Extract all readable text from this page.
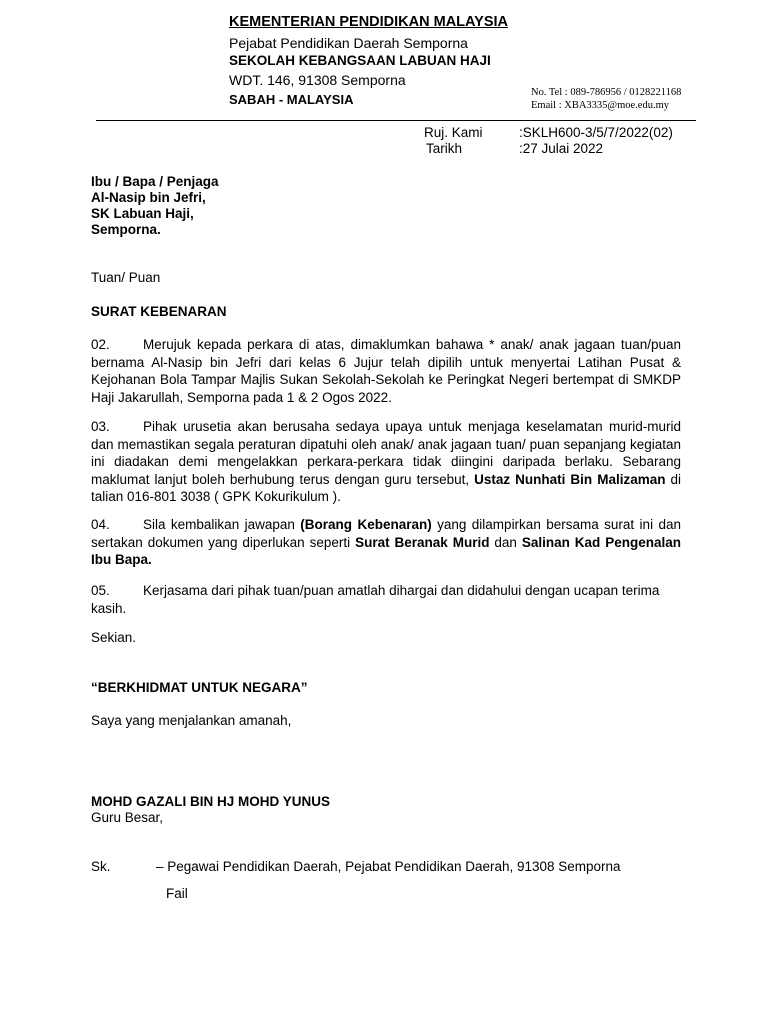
KEMENTERIAN PENDIDIKAN MALAYSIA
Pejabat Pendidikan Daerah Semporna
SEKOLAH KEBANGSAAN LABUAN HAJI
WDT. 146, 91308 Semporna
SABAH - MALAYSIA	No. Tel : 089-786956 / 0128221168
Email : XBA3335@moe.edu.my
Ruj. Kami	:SKLH600-3/5/7/2022(02)
Tarikh	:27 Julai 2022
Ibu / Bapa / Penjaga
Al-Nasip bin Jefri,
SK Labuan Haji,
Semporna.
Tuan/ Puan
SURAT KEBENARAN
02. Merujuk kepada perkara di atas, dimaklumkan bahawa * anak/ anak jagaan tuan/puan bernama Al-Nasip bin Jefri dari kelas 6 Jujur telah dipilih untuk menyertai Latihan Pusat & Kejohanan Bola Tampar Majlis Sukan Sekolah-Sekolah ke Peringkat Negeri bertempat di SMKDP Haji Jakarullah, Semporna pada 1 & 2 Ogos 2022.
03. Pihak urusetia akan berusaha sedaya upaya untuk menjaga keselamatan murid-murid dan memastikan segala peraturan dipatuhi oleh anak/ anak jagaan tuan/ puan sepanjang kegiatan ini diadakan demi mengelakkan perkara-perkara tidak diingini daripada berlaku. Sebarang maklumat lanjut boleh berhubung terus dengan guru tersebut, Ustaz Nunhati Bin Malizaman di talian 016-801 3038 ( GPK Kokurikulum ).
04. Sila kembalikan jawapan (Borang Kebenaran) yang dilampirkan bersama surat ini dan sertakan dokumen yang diperlukan seperti Surat Beranak Murid dan Salinan Kad Pengenalan Ibu Bapa.
05. Kerjasama dari pihak tuan/puan amatlah dihargai dan didahului dengan ucapan terima kasih.
Sekian.
“BERKHIDMAT UNTUK NEGARA”
Saya yang menjalankan amanah,
MOHD GAZALI BIN HJ MOHD YUNUS
Guru Besar,
Sk.	– Pegawai Pendidikan Daerah, Pejabat Pendidikan Daerah, 91308 Semporna
Fail
